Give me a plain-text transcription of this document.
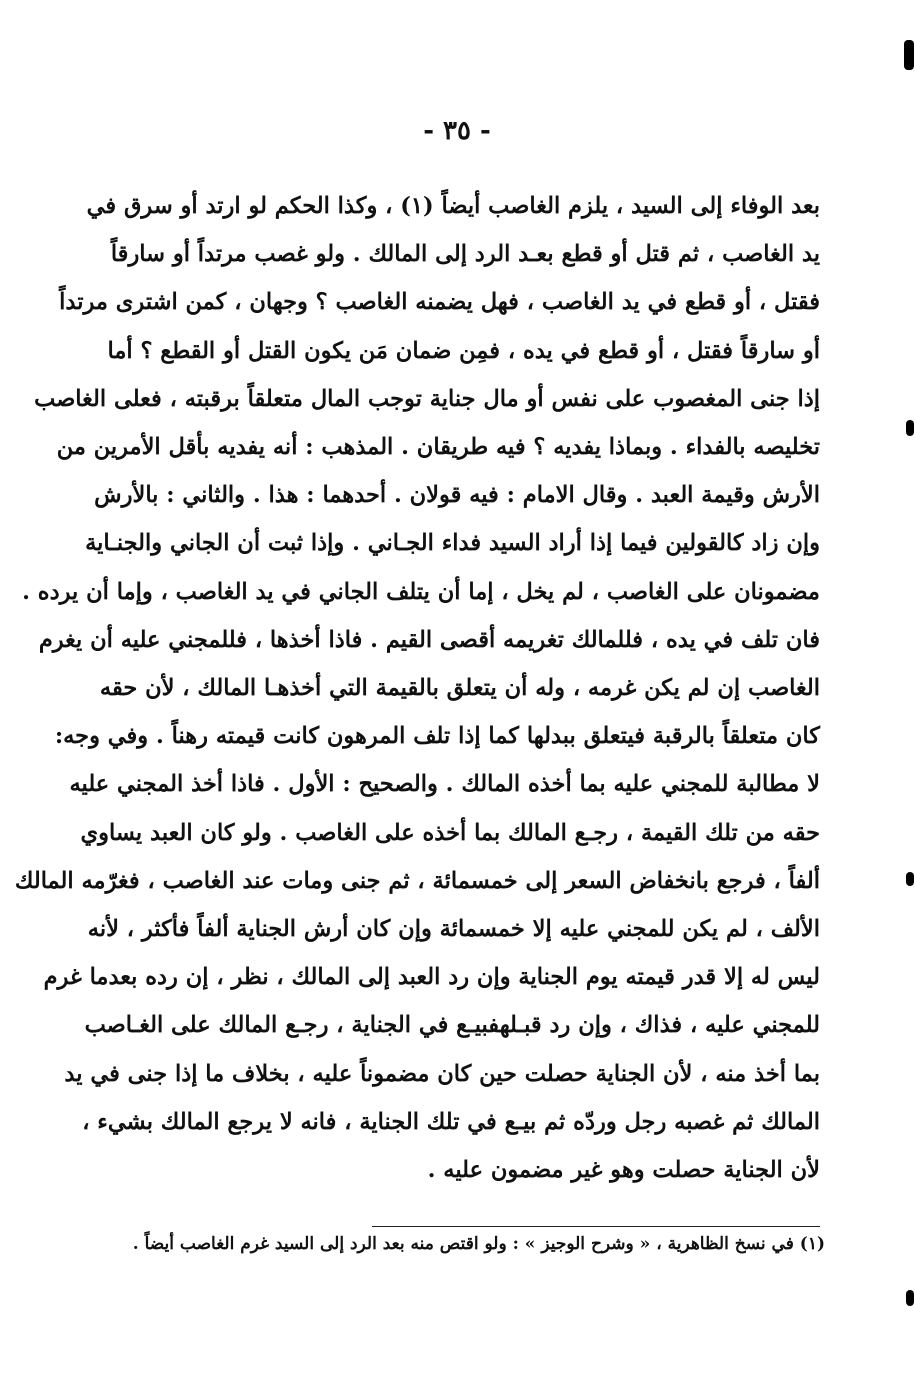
- ٣٥ -
بعد الوفاء إلى السيد ، يلزم الغاصب أيضاً (١) ، وكذا الحكم لو ارتد أو سرق في
يد الغاصب ، ثم قتل أو قطع بعـد الرد إلى المالك . ولو غصب مرتداً أو سارقاً
فقتل ، أو قطع في يد الغاصب ، فهل يضمنه الغاصب ؟ وجهان ، كمن اشترى مرتداً
أو سارقاً فقتل ، أو قطع في يده ، فمِن ضمان مَن يكون القتل أو القطع ؟ أما
إذا جنى المغصوب على نفس أو مال جناية توجب المال متعلقاً برقبته ، فعلى الغاصب
تخليصه بالفداء . وبماذا يفديه ؟ فيه طريقان . المذهب : أنه يفديه بأقل الأمرين من
الأرش وقيمة العبد . وقال الامام : فيه قولان . أحدهما : هذا . والثاني : بالأرش
وإن زاد كالقولين فيما إذا أراد السيد فداء الجـاني . وإذا ثبت أن الجاني والجنـاية
مضمونان على الغاصب ، لم يخل ، إما أن يتلف الجاني في يد الغاصب ، وإما أن يرده .
فان تلف في يده ، فللمالك تغريمه أقصى القيم . فاذا أخذها ، فللمجني عليه أن يغرم
الغاصب إن لم يكن غرمه ، وله أن يتعلق بالقيمة التي أخذهـا المالك ، لأن حقه
كان متعلقاً بالرقبة فيتعلق ببدلها كما إذا تلف المرهون كانت قيمته رهناً . وفي وجه:
لا مطالبة للمجني عليه بما أخذه المالك . والصحيح : الأول . فاذا أخذ المجني عليه
حقه من تلك القيمة ، رجـع المالك بما أخذه على الغاصب . ولو كان العبد يساوي
ألفاً ، فرجع بانخفاض السعر إلى خمسمائة ، ثم جنى ومات عند الغاصب ، فغرّمه المالك
الألف ، لم يكن للمجني عليه إلا خمسمائة وإن كان أرش الجناية ألفاً فأكثر ، لأنه
ليس له إلا قدر قيمته يوم الجناية وإن رد العبد إلى المالك ، نظر ، إن رده بعدما غرم
للمجني عليه ، فذاك ، وإن رد قبـلهفبيـع في الجناية ، رجـع المالك على الغـاصب
بما أخذ منه ، لأن الجناية حصلت حين كان مضموناً عليه ، بخلاف ما إذا جنى في يد
المالك ثم غصبه رجل وردّه ثم بيـع في تلك الجناية ، فانه لا يرجع المالك بشيء ،
لأن الجناية حصلت وهو غير مضمون عليه .
(١) في نسخ الظاهرية ، « وشرح الوجيز » : ولو اقتص منه بعد الرد إلى السيد غرم الغاصب أيضاً .
